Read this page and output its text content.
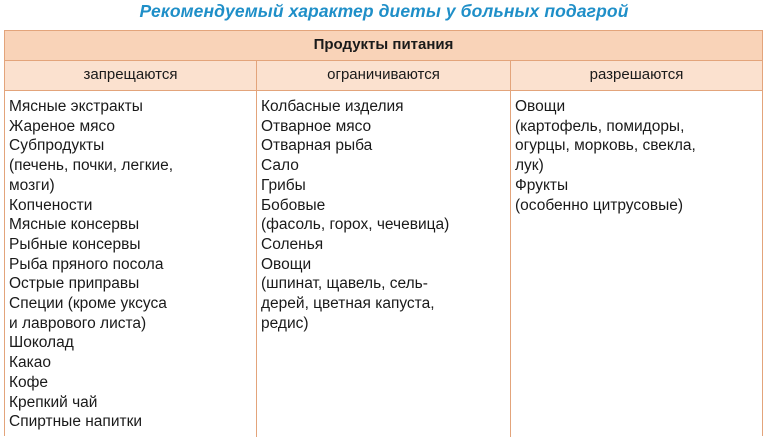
Рекомендуемый характер диеты у больных подагрой
Продукты питания
запрещаются	ограничиваются	разрешаются
Мясные экстракты
Жареное мясо
Субпродукты
(печень, почки, легкие,
мозги)
Копчености
Мясные консервы
Рыбные консервы
Рыба пряного посола
Острые приправы
Специи (кроме уксуса
и лаврового листа)
Шоколад
Какао
Кофе
Крепкий чай
Спиртные напитки
Колбасные изделия
Отварное мясо
Отварная рыба
Сало
Грибы
Бобовые
(фасоль, горох, чечевица)
Соленья
Овощи
(шпинат, щавель, сель-
дерей, цветная капуста,
редис)
Овощи
(картофель, помидоры,
огурцы, морковь, свекла,
лук)
Фрукты
(особенно цитрусовые)
